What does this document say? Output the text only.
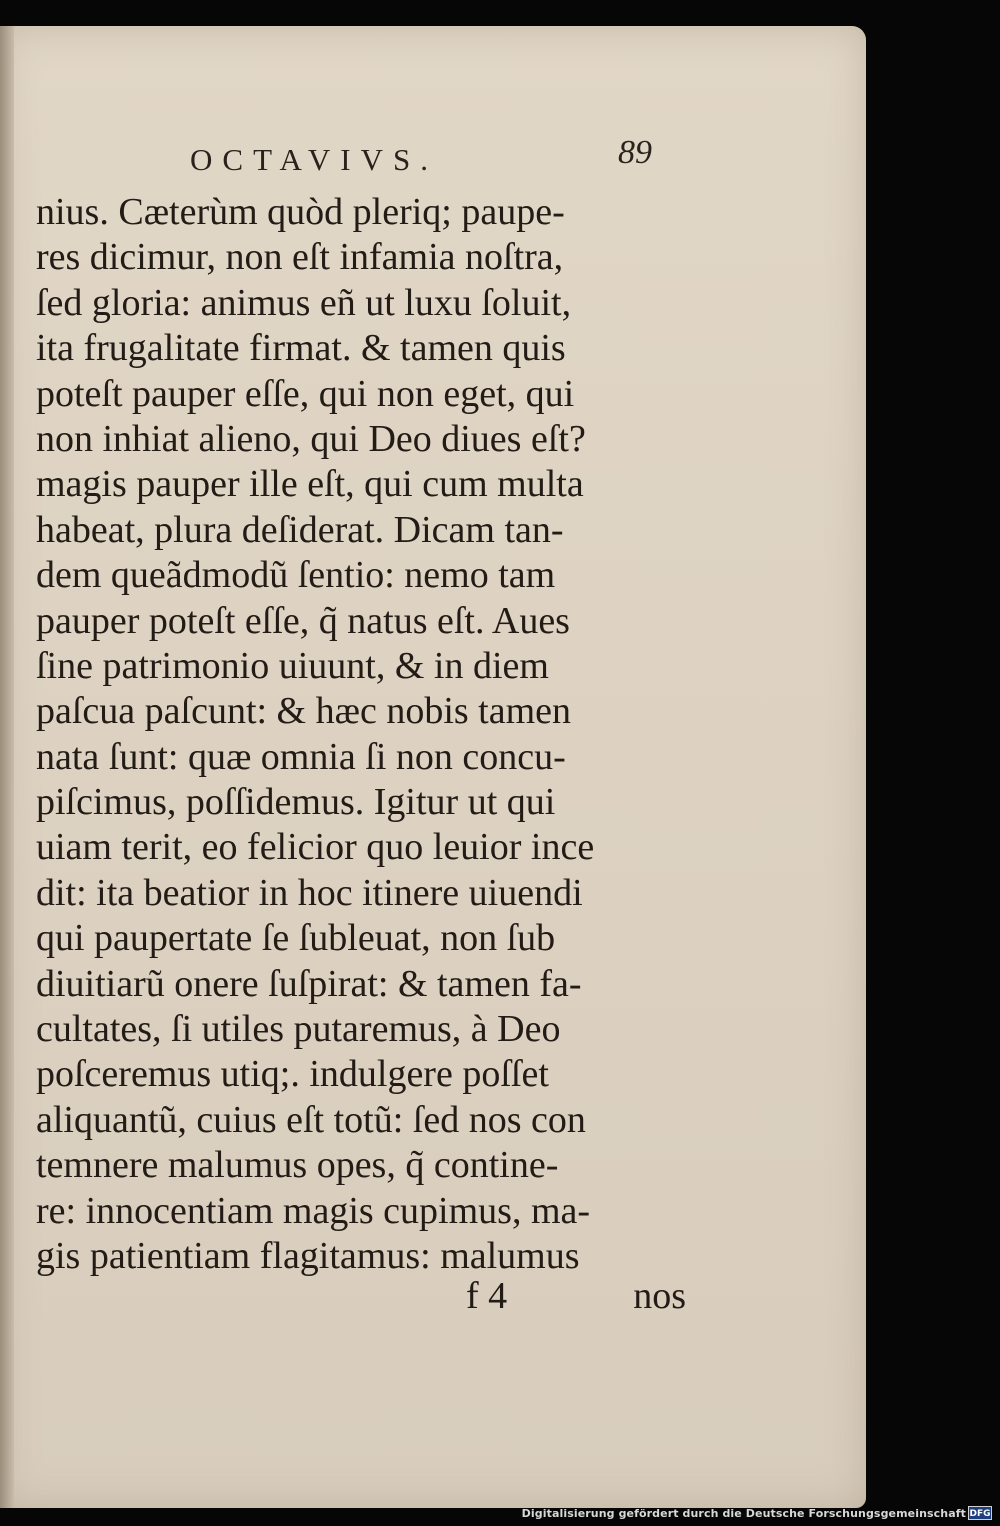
OCTAVIVS.	89
nius. Cæterùm quòd pleriq; paupe-
res dicimur, non eſt infamia noſtra,
ſed gloria: animus eñ ut luxu ſoluit,
ita frugalitate firmat. & tamen quis
poteſt pauper eſſe, qui non eget, qui
non inhiat alieno, qui Deo diues eſt?
magis pauper ille eſt, qui cum multa
habeat, plura deſiderat. Dicam tan-
dem queãdmodũ ſentio: nemo tam
pauper poteſt eſſe, q̃ natus eſt. Aues
ſine patrimonio uiuunt, & in diem
paſcua paſcunt: & hæc nobis tamen
nata ſunt: quæ omnia ſi non concu-
piſcimus, poſſidemus. Igitur ut qui
uiam terit, eo felicior quo leuior ince
dit: ita beatior in hoc itinere uiuendi
qui paupertate ſe ſubleuat, non ſub
diuitiarũ onere ſuſpirat: & tamen fa-
cultates, ſi utiles putaremus, à Deo
poſceremus utiq;. indulgere poſſet
aliquantũ, cuius eſt totũ: ſed nos con
temnere malumus opes, q̃ contine-
re: innocentiam magis cupimus, ma-
gis patientiam flagitamus: malumus
f 4	nos
Digitalisierung gefördert durch die Deutsche Forschungsgemeinschaft DFG
